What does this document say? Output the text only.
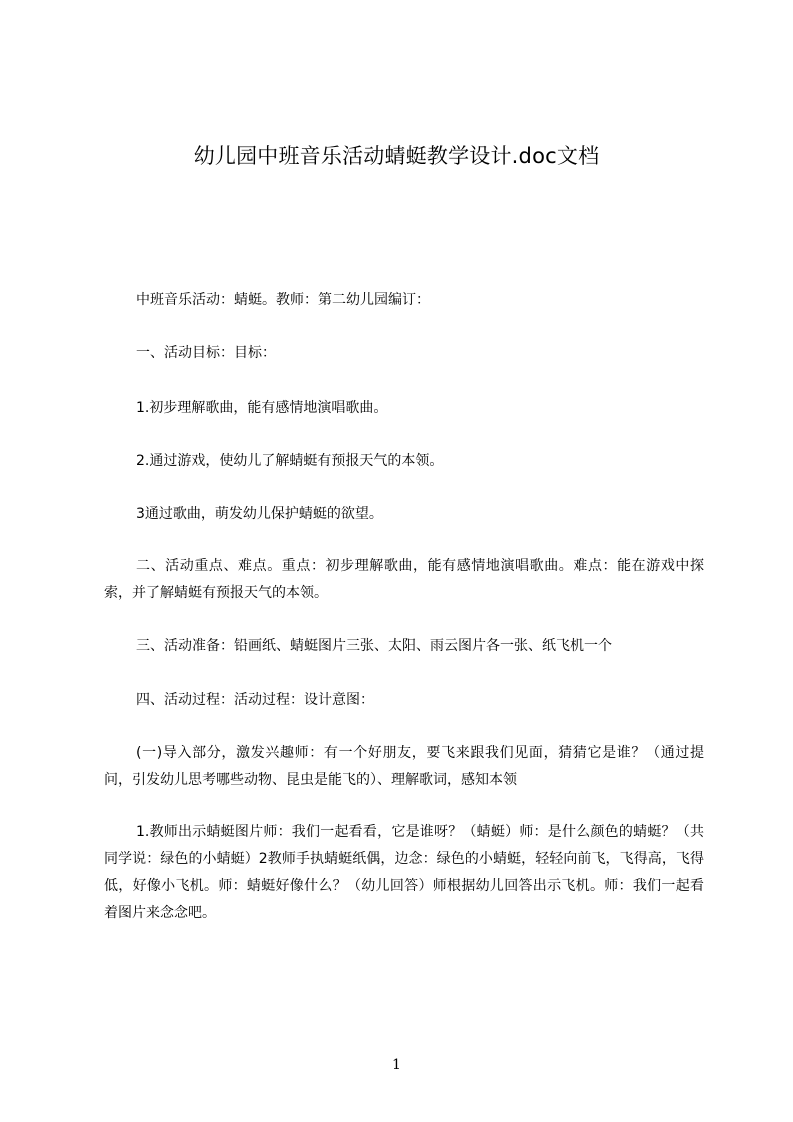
幼儿园中班音乐活动蜻蜓教学设计.doc文档
中班音乐活动：蜻蜓。教师：第二幼儿园编订：
一、活动目标：目标：
1.初步理解歌曲，能有感情地演唱歌曲。
2.通过游戏，使幼儿了解蜻蜓有预报天气的本领。
3通过歌曲，萌发幼儿保护蜻蜓的欲望。
二、活动重点、难点。重点：初步理解歌曲，能有感情地演唱歌曲。难点：能在游戏中探索，并了解蜻蜓有预报天气的本领。
三、活动准备：铅画纸、蜻蜓图片三张、太阳、雨云图片各一张、纸飞机一个
四、活动过程：活动过程：设计意图：
(一)导入部分，激发兴趣师：有一个好朋友，要飞来跟我们见面，猜猜它是谁？（通过提问，引发幼儿思考哪些动物、昆虫是能飞的）、理解歌词，感知本领
1.教师出示蜻蜓图片师：我们一起看看，它是谁呀？（蜻蜓）师：是什么颜色的蜻蜓？（共同学说：绿色的小蜻蜓）2教师手执蜻蜓纸偶，边念：绿色的小蜻蜓，轻轻向前飞，飞得高，飞得低，好像小飞机。师：蜻蜓好像什么？（幼儿回答）师根据幼儿回答出示飞机。师：我们一起看着图片来念念吧。
1
